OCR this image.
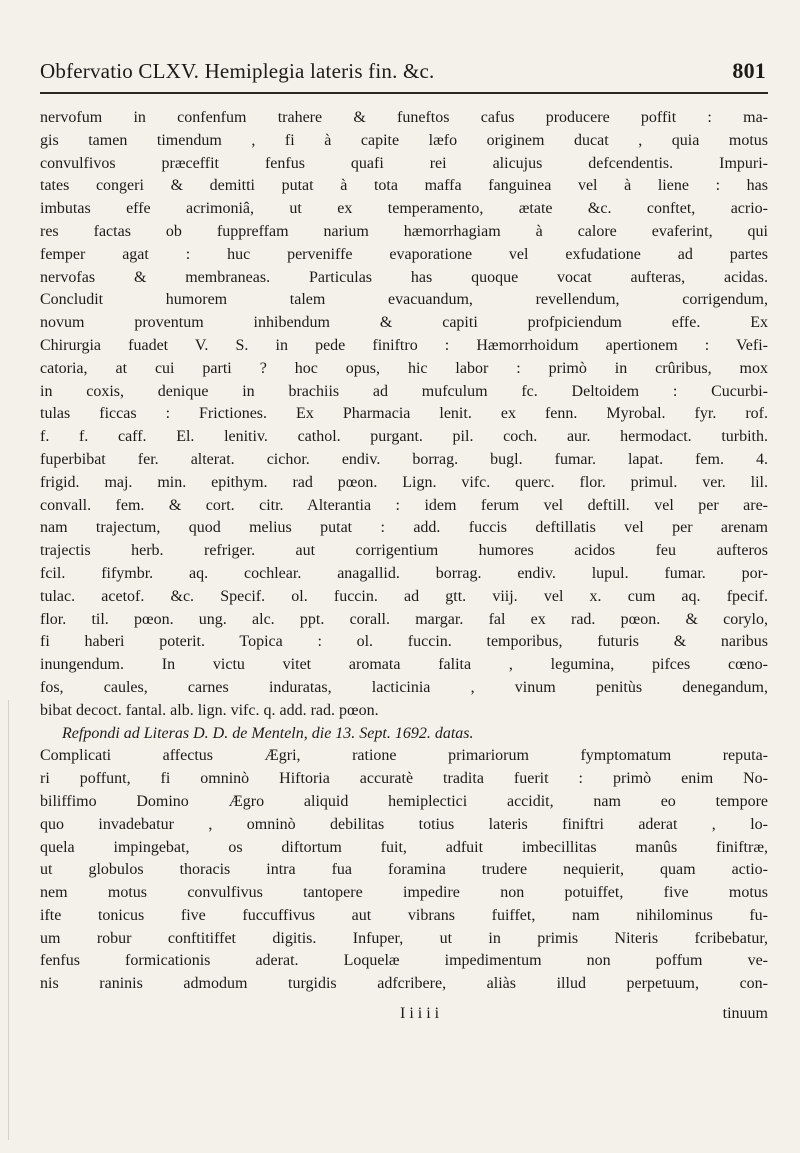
Obfervatio CLXV. Hemiplegia lateris fin. &c.	801
nervofum in confenfum trahere & funeftos cafus producere poffit : ma-
gis tamen timendum , fi à capite læfo originem ducat , quia motus
convulfivos præceffit fenfus quafi rei alicujus defcendentis. Impuri-
tates congeri & demitti putat à tota maffa fanguinea vel à liene : has
imbutas effe acrimoniâ, ut ex temperamento, ætate &c. conftet, acrio-
res factas ob fuppreffam narium hæmorrhagiam à calore evaferint, qui
femper agat : huc perveniffe evaporatione vel exfudatione ad partes
nervofas & membraneas. Particulas has quoque vocat aufteras, acidas.
Concludit humorem talem evacuandum, revellendum, corrigendum,
novum proventum inhibendum & capiti profpiciendum effe. Ex
Chirurgia fuadet V. S. in pede finiftro : Hæmorrhoidum apertionem : Vefi-
catoria, at cui parti ? hoc opus, hic labor : primò in crûribus, mox
in coxis, denique in brachiis ad mufculum fc. Deltoidem : Cucurbi-
tulas ficcas : Frictiones. Ex Pharmacia lenit. ex fenn. Myrobal. fyr. rof.
f. f. caff. El. lenitiv. cathol. purgant. pil. coch. aur. hermodact. turbith.
fuperbibat fer. alterat. cichor. endiv. borrag. bugl. fumar. lapat. fem. 4.
frigid. maj. min. epithym. rad pœon. Lign. vifc. querc. flor. primul. ver. lil.
convall. fem. & cort. citr. Alterantia : idem ferum vel deftill. vel per are-
nam trajectum, quod melius putat : add. fuccis deftillatis vel per arenam
trajectis herb. refriger. aut corrigentium humores acidos feu aufteros
fcil. fifymbr. aq. cochlear. anagallid. borrag. endiv. lupul. fumar. por-
tulac. acetof. &c. Specif. ol. fuccin. ad gtt. viij. vel x. cum aq. fpecif.
flor. til. pœon. ung. alc. ppt. corall. margar. fal ex rad. pœon. & corylo,
fi haberi poterit. Topica : ol. fuccin. temporibus, futuris & naribus
inungendum. In victu vitet aromata falita , legumina, pifces cœno-
fos, caules, carnes induratas, lacticinia , vinum penitùs denegandum,
bibat decoct. fantal. alb. lign. vifc. q. add. rad. pœon.
Refpondi ad Literas D. D. de Menteln, die 13. Sept. 1692. datas.
Complicati affectus Ægri, ratione primariorum fymptomatum reputa-
ri poffunt, fi omninò Hiftoria accuratè tradita fuerit : primò enim No-
biliffimo Domino Ægro aliquid hemiplectici accidit, nam eo tempore
quo invadebatur , omninò debilitas totius lateris finiftri aderat , lo-
quela impingebat, os diftortum fuit, adfuit imbecillitas manûs finiftræ,
ut globulos thoracis intra fua foramina trudere nequierit, quam actio-
nem motus convulfivus tantopere impedire non potuiffet, five motus
ifte tonicus five fuccuffivus aut vibrans fuiffet, nam nihilominus fu-
um robur conftitiffet digitis. Infuper, ut in primis Niteris fcribebatur,
fenfus formicationis aderat. Loquelæ impedimentum non poffum ve-
nis raninis admodum turgidis adfcribere, aliàs illud perpetuum, con-
I i i i i	tinuum
